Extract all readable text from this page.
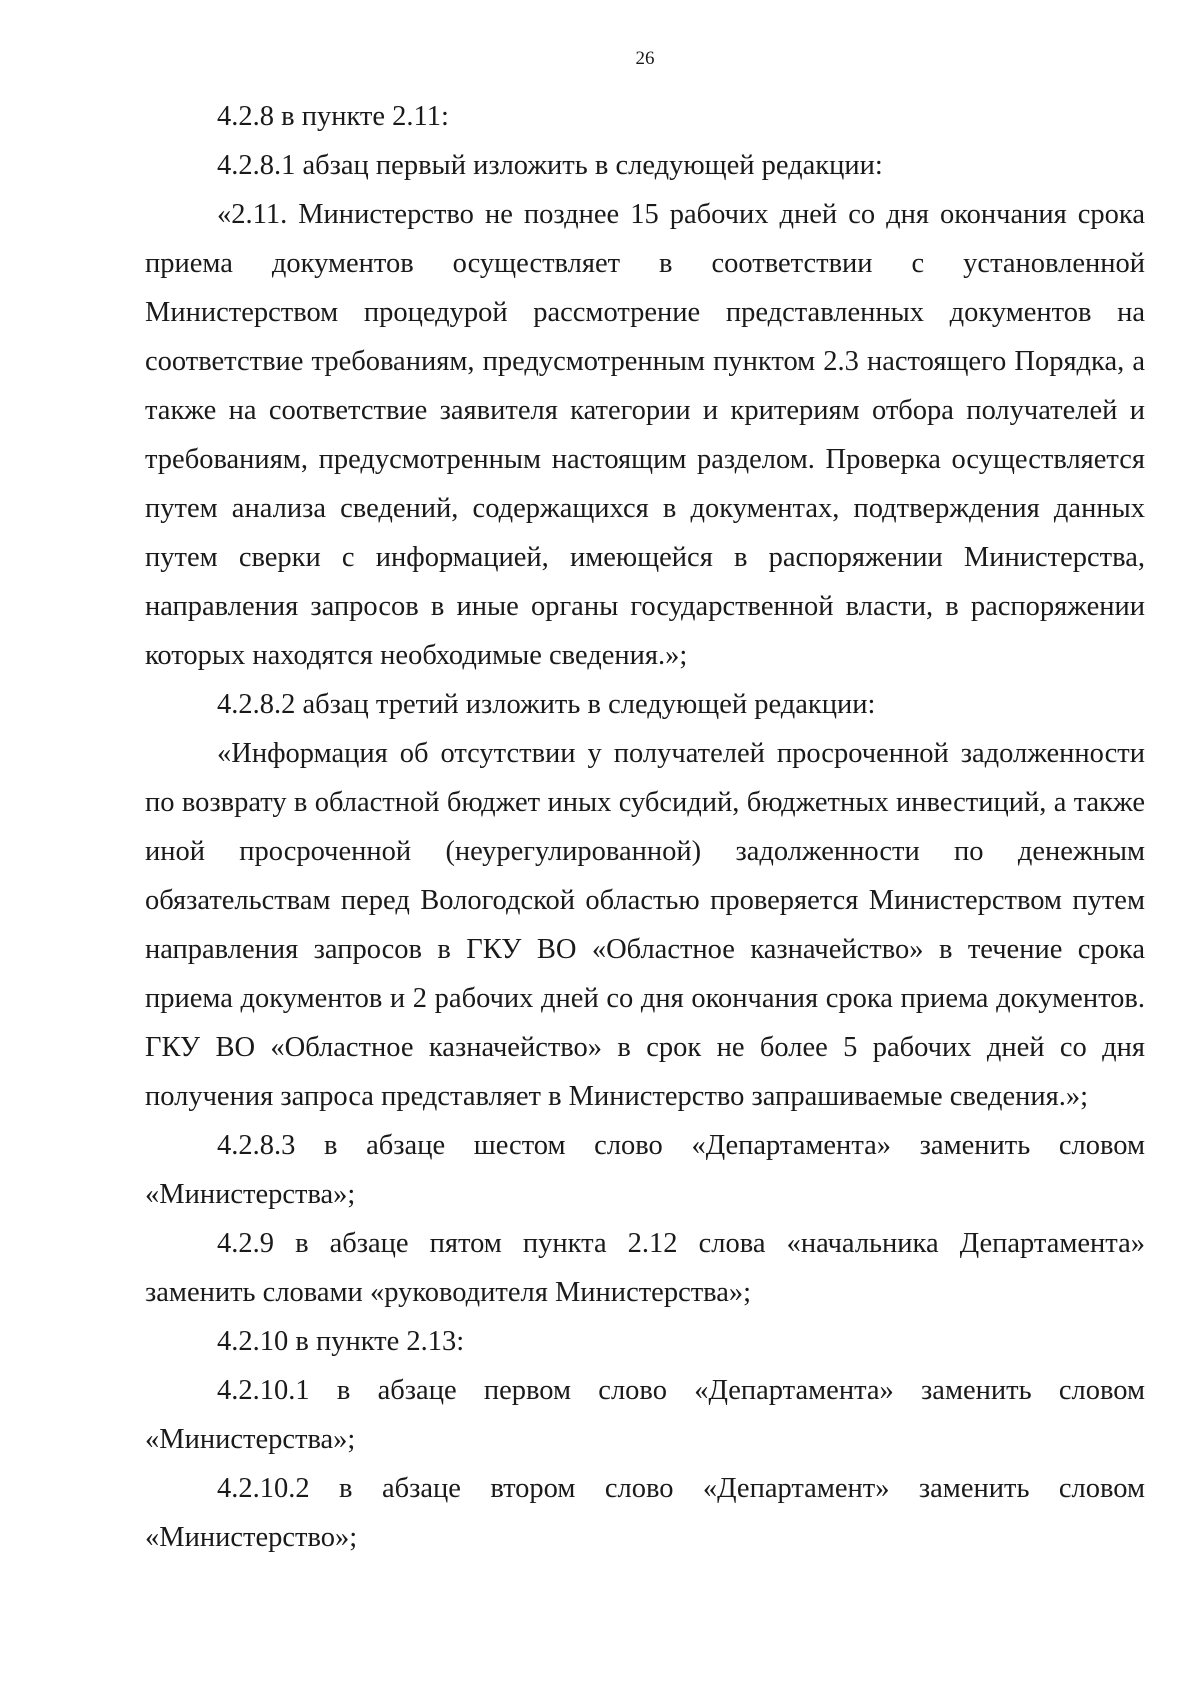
26

4.2.8 в пункте 2.11:

4.2.8.1 абзац первый изложить в следующей редакции:

«2.11. Министерство не позднее 15 рабочих дней со дня окончания срока приема документов осуществляет в соответствии с установленной Министерством процедурой рассмотрение представленных документов на соответствие требованиям, предусмотренным пунктом 2.3 настоящего Порядка, а также на соответствие заявителя категории и критериям отбора получателей и требованиям, предусмотренным настоящим разделом. Проверка осуществляется путем анализа сведений, содержащихся в документах, подтверждения данных путем сверки с информацией, имеющейся в распоряжении Министерства, направления запросов в иные органы государственной власти, в распоряжении которых находятся необходимые сведения.»;

4.2.8.2 абзац третий изложить в следующей редакции:

«Информация об отсутствии у получателей просроченной задолженности по возврату в областной бюджет иных субсидий, бюджетных инвестиций, а также иной просроченной (неурегулированной) задолженности по денежным обязательствам перед Вологодской областью проверяется Министерством путем направления запросов в ГКУ ВО «Областное казначейство» в течение срока приема документов и 2 рабочих дней со дня окончания срока приема документов. ГКУ ВО «Областное казначейство» в срок не более 5 рабочих дней со дня получения запроса представляет в Министерство запрашиваемые сведения.»;

4.2.8.3 в абзаце шестом слово «Департамента» заменить словом «Министерства»;

4.2.9 в абзаце пятом пункта 2.12 слова «начальника Департамента» заменить словами «руководителя Министерства»;

4.2.10 в пункте 2.13:

4.2.10.1 в абзаце первом слово «Департамента» заменить словом «Министерства»;

4.2.10.2 в абзаце втором слово «Департамент» заменить словом «Министерство»;
